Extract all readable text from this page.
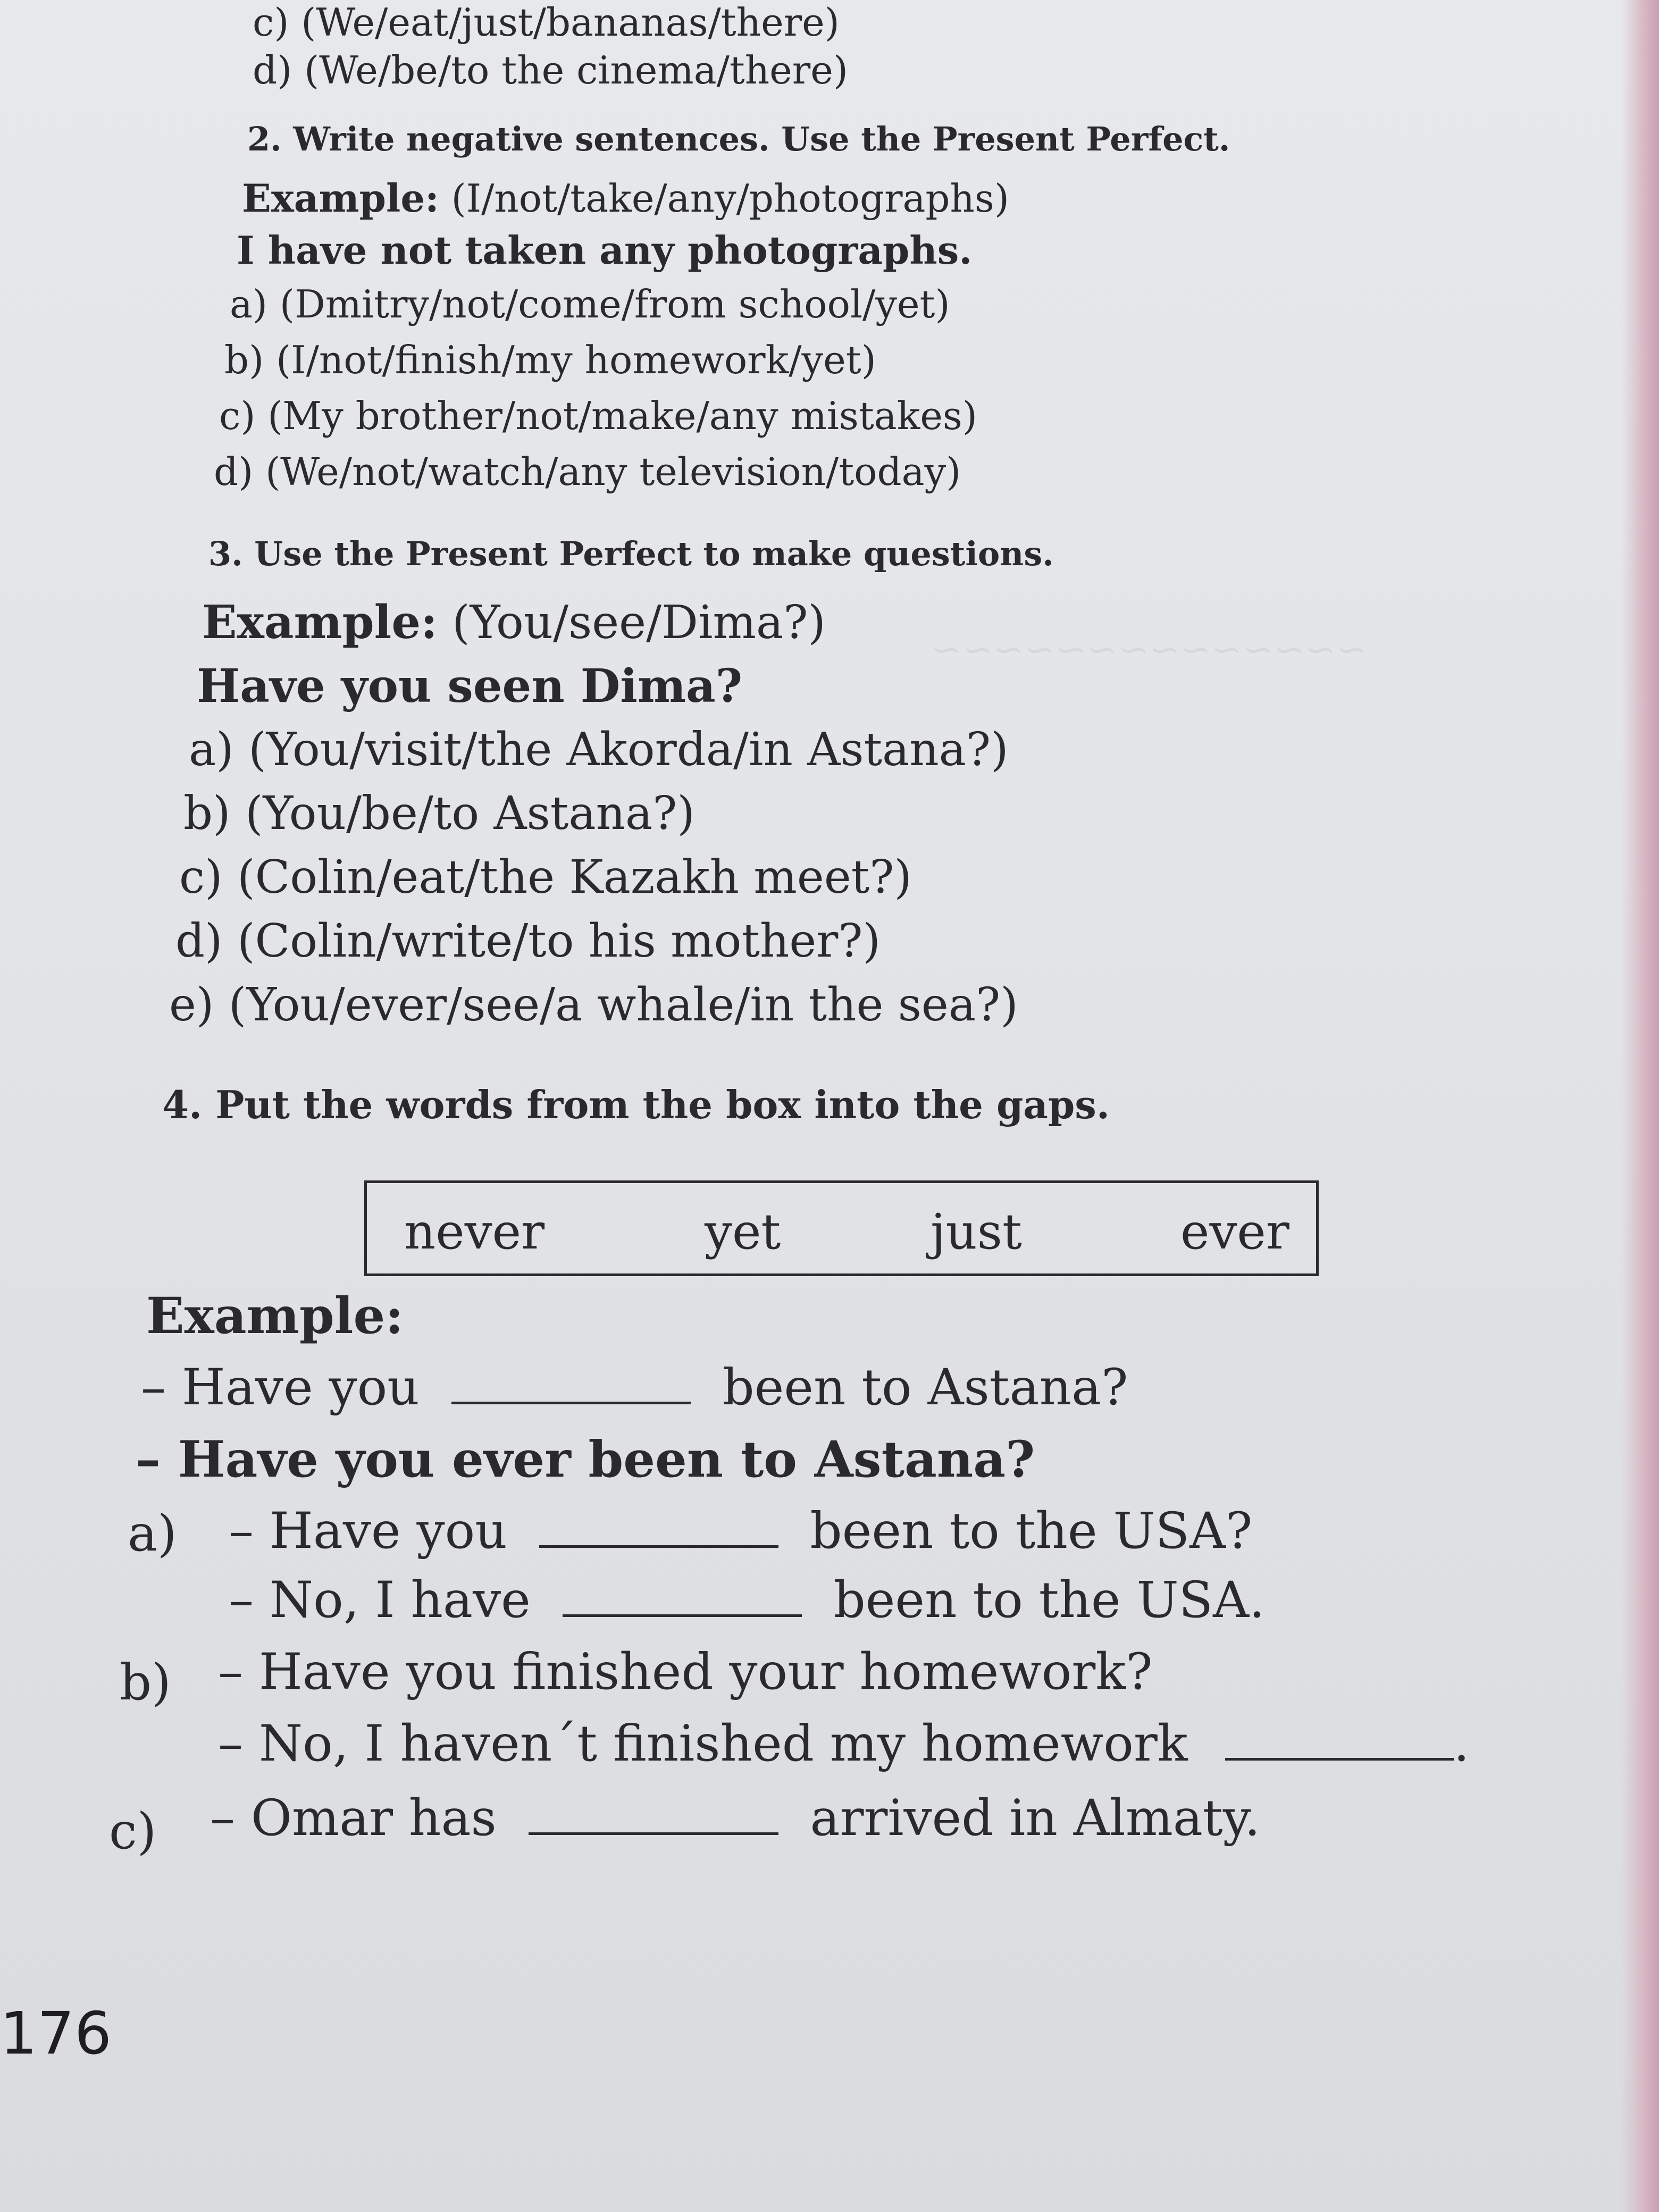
~~~~~~~~~~~~~~
c) (We/eat/just/bananas/there)
d) (We/be/to the cinema/there)
2. Write negative sentences. Use the Present Perfect.
Example: (I/not/take/any/photographs)
I have not taken any photographs.
a) (Dmitry/not/come/from school/yet)
b) (I/not/finish/my homework/yet)
c) (My brother/not/make/any mistakes)
d) (We/not/watch/any television/today)
3. Use the Present Perfect to make questions.
Example: (You/see/Dima?)
Have you seen Dima?
a) (You/visit/the Akorda/in Astana?)
b) (You/be/to Astana?)
c) (Colin/eat/the Kazakh meet?)
d) (Colin/write/to his mother?)
e) (You/ever/see/a whale/in the sea?)
4. Put the words from the box into the gaps.
never	yet	just	ever
Example:
– Have you	been to Astana?
– Have you ever been to Astana?
a) – Have you	been to the USA?
– No, I have	been to the USA.
b) – Have you finished your homework?
– No, I haven´t finished my homework	.
c) – Omar has	arrived in Almaty.
176
